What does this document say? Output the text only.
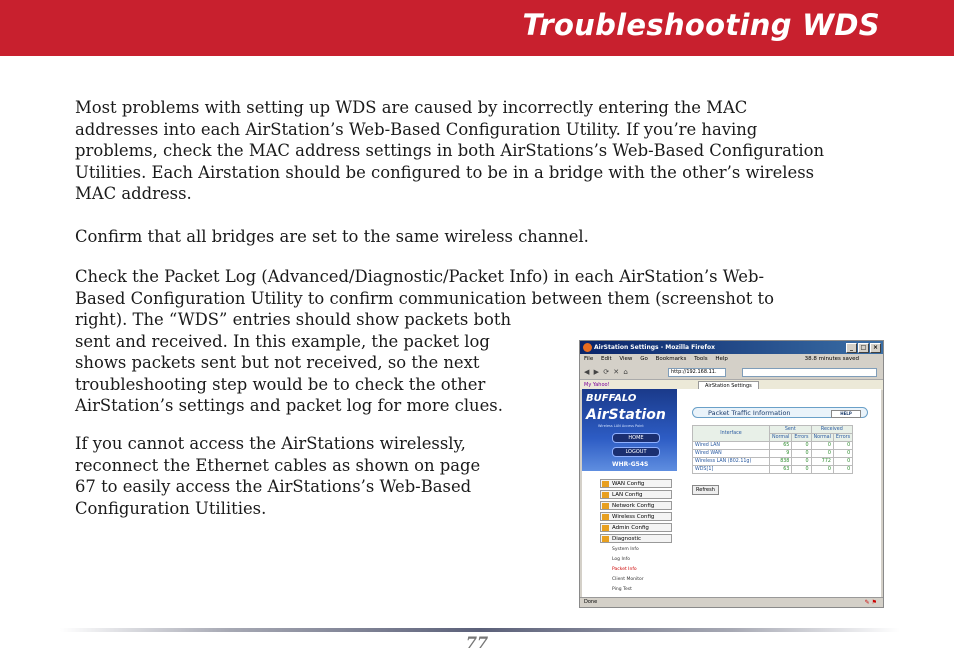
Troubleshooting WDS
Most problems with setting up WDS are caused by incorrectly entering the MAC
addresses into each AirStation’s Web-Based Configuration Utility. If you’re having
problems, check the MAC address settings in both AirStations’s Web-Based Configuration
Utilities. Each Airstation should be configured to be in a bridge with the other’s wireless
MAC address.
Confirm that all bridges are set to the same wireless channel.
Check the Packet Log (Advanced/Diagnostic/Packet Info) in each AirStation’s Web-
Based Configuration Utility to confirm communication between them (screenshot to
right). The “WDS” entries should show packets both
sent and received. In this example, the packet log
shows packets sent but not received, so the next
troubleshooting step would be to check the other
AirStation’s settings and packet log for more clues.
If you cannot access the AirStations wirelessly,
reconnect the Ethernet cables as shown on page
67 to easily access the AirStations’s Web-Based
Configuration Utilities.
AirStation Settings - Mozilla Firefox	_	□	×
File Edit View Go Bookmarks Tools Help	38.8 minutes saved
◀ ▶ ⟳ ✕ ⌂	http://192.168.11.
My Yahoo!	AirStation Settings
BUFFALO
AirStation
Wireless LAN Access Point
HOME
LOGOUT
WHR-G54S
WAN Config
LAN Config
Network Config
Wireless Config
Admin Config
Diagnostic
System Info
Log Info
Packet Info
Client Monitor
Ping Test
Packet Traffic Information	HELP
Interface	Sent		Received	
	Normal	Errors	Normal	Errors
Wired LAN	65	0	0	0
Wired WAN	9	0	0	0
Wireless LAN (802.11g)	838	0	772	0
WDS[1]	63	0	0	0
Refresh
Done	✎ ⚑
77
